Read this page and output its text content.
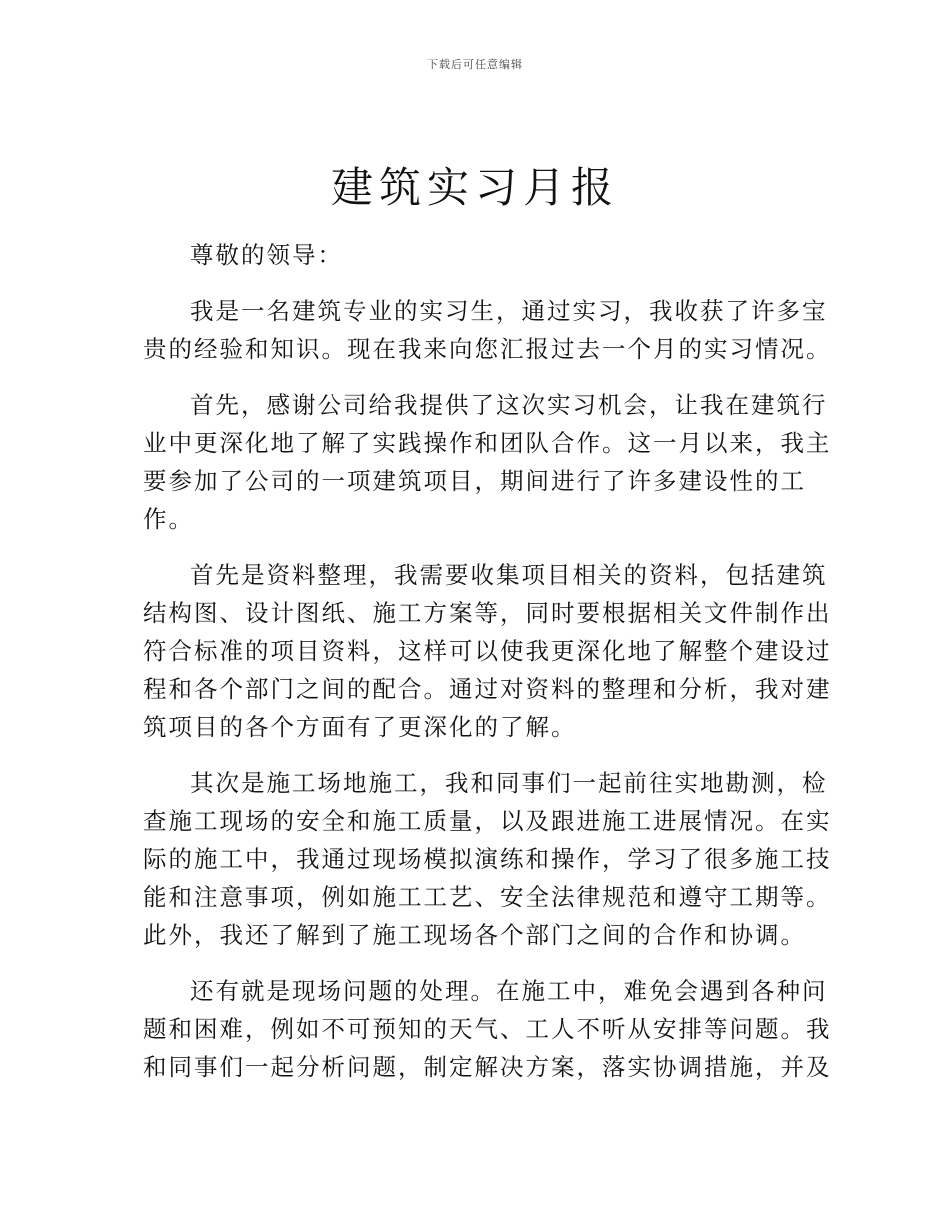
下载后可任意编辑
建筑实习月报

尊敬的领导：

我是一名建筑专业的实习生，通过实习，我收获了许多宝
贵的经验和知识。现在我来向您汇报过去一个月的实习情况。

首先，感谢公司给我提供了这次实习机会，让我在建筑行
业中更深化地了解了实践操作和团队合作。这一月以来，我主
要参加了公司的一项建筑项目，期间进行了许多建设性的工
作。

首先是资料整理，我需要收集项目相关的资料，包括建筑
结构图、设计图纸、施工方案等，同时要根据相关文件制作出
符合标准的项目资料，这样可以使我更深化地了解整个建设过
程和各个部门之间的配合。通过对资料的整理和分析，我对建
筑项目的各个方面有了更深化的了解。

其次是施工场地施工，我和同事们一起前往实地勘测，检
查施工现场的安全和施工质量，以及跟进施工进展情况。在实
际的施工中，我通过现场模拟演练和操作，学习了很多施工技
能和注意事项，例如施工工艺、安全法律规范和遵守工期等。
此外，我还了解到了施工现场各个部门之间的合作和协调。

还有就是现场问题的处理。在施工中，难免会遇到各种问
题和困难，例如不可预知的天气、工人不听从安排等问题。我
和同事们一起分析问题，制定解决方案，落实协调措施，并及
